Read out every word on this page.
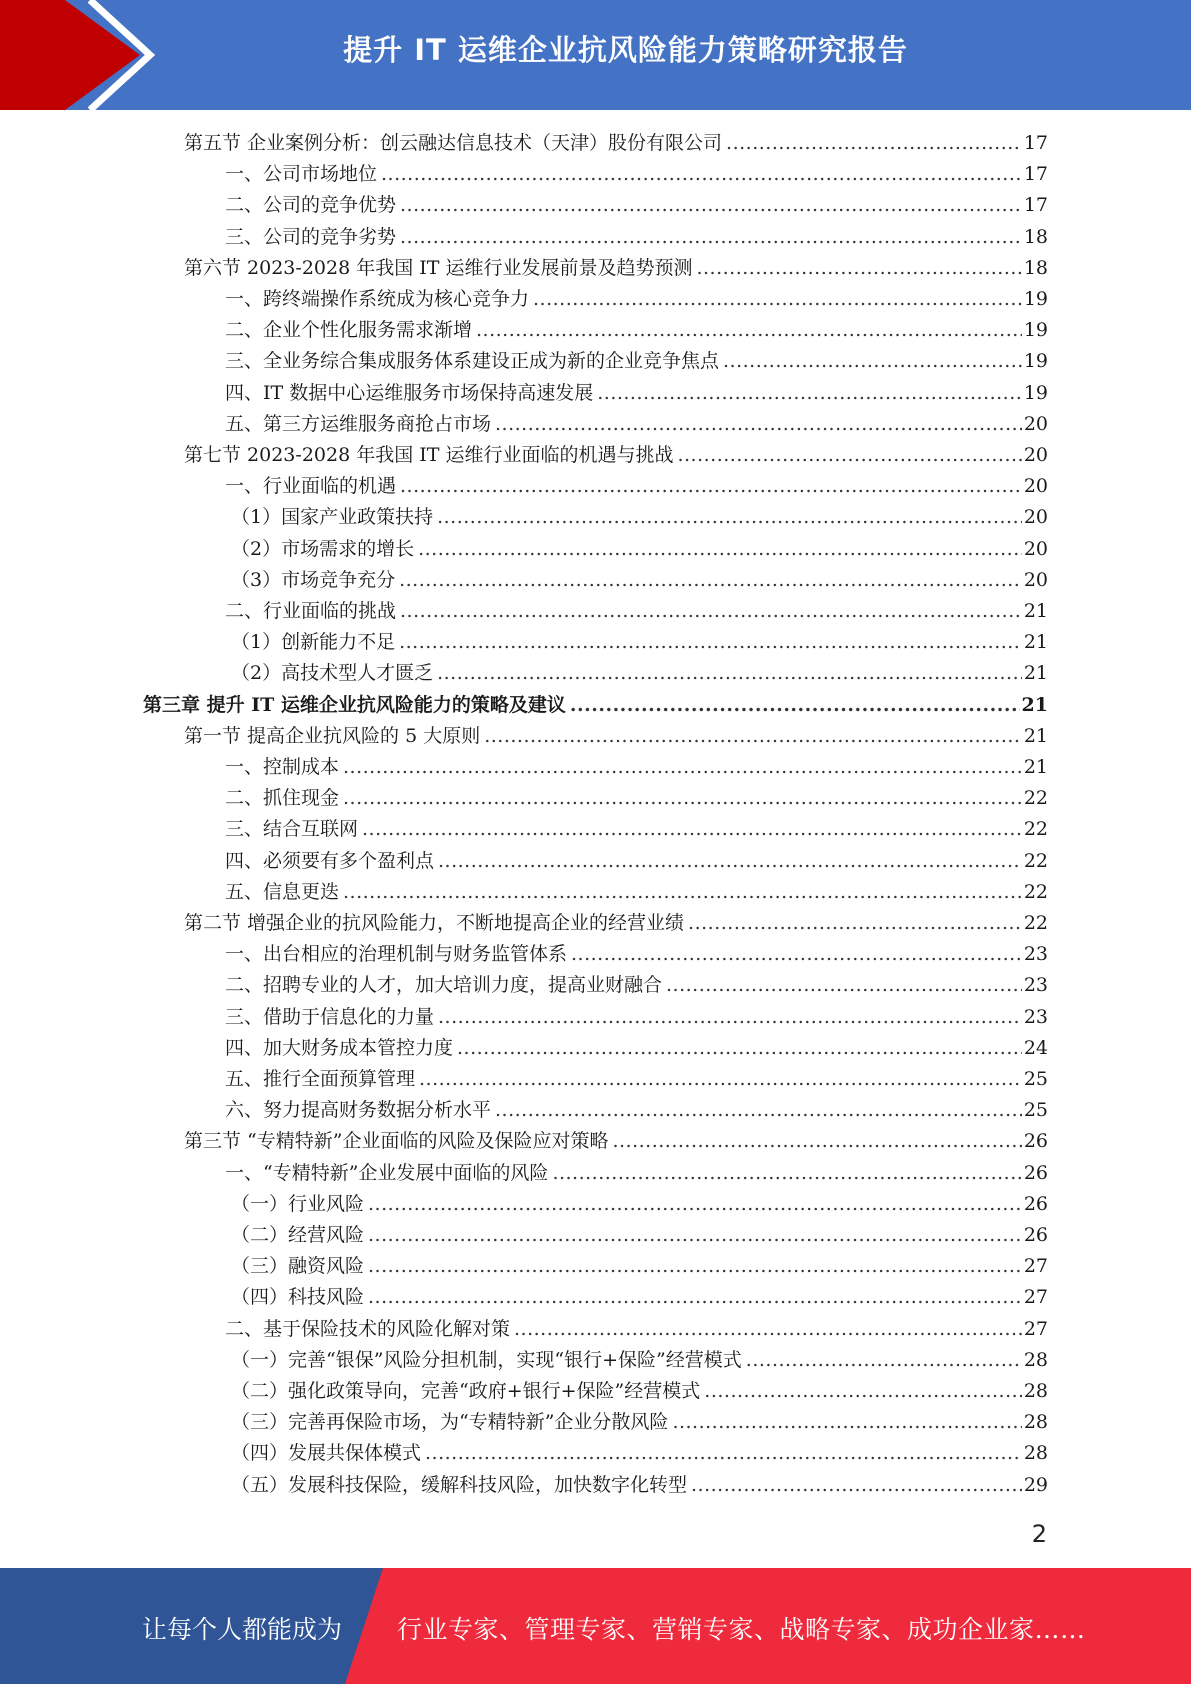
提升 IT 运维企业抗风险能力策略研究报告
第五节 企业案例分析：创云融达信息技术（天津）股份有限公司 .....	17
一、公司市场地位 .....	17
二、公司的竞争优势 .....	17
三、公司的竞争劣势 .....	18
第六节 2023-2028 年我国 IT 运维行业发展前景及趋势预测 .....	18
一、跨终端操作系统成为核心竞争力 .....	19
二、企业个性化服务需求渐增 .....	19
三、全业务综合集成服务体系建设正成为新的企业竞争焦点 .....	19
四、IT 数据中心运维服务市场保持高速发展 .....	19
五、第三方运维服务商抢占市场 .....	20
第七节 2023-2028 年我国 IT 运维行业面临的机遇与挑战 .....	20
一、行业面临的机遇 .....	20
（1）国家产业政策扶持 .....	20
（2）市场需求的增长 .....	20
（3）市场竞争充分 .....	20
二、行业面临的挑战 .....	21
（1）创新能力不足 .....	21
（2）高技术型人才匮乏 .....	21
第三章 提升 IT 运维企业抗风险能力的策略及建议 .....	21
第一节 提高企业抗风险的 5 大原则 .....	21
一、控制成本 .....	21
二、抓住现金 .....	22
三、结合互联网 .....	22
四、必须要有多个盈利点 .....	22
五、信息更迭 .....	22
第二节 增强企业的抗风险能力，不断地提高企业的经营业绩 .....	22
一、出台相应的治理机制与财务监管体系 .....	23
二、招聘专业的人才，加大培训力度，提高业财融合 .....	23
三、借助于信息化的力量 .....	23
四、加大财务成本管控力度 .....	24
五、推行全面预算管理 .....	25
六、努力提高财务数据分析水平 .....	25
第三节 “专精特新”企业面临的风险及保险应对策略 .....	26
一、“专精特新”企业发展中面临的风险 .....	26
（一）行业风险 .....	26
（二）经营风险 .....	26
（三）融资风险 .....	27
（四）科技风险 .....	27
二、基于保险技术的风险化解对策 .....	27
（一）完善“银保”风险分担机制，实现“银行+保险”经营模式 .....	28
（二）强化政策导向，完善“政府+银行+保险”经营模式 .....	28
（三）完善再保险市场，为“专精特新”企业分散风险 .....	28
（四）发展共保体模式 .....	28
（五）发展科技保险，缓解科技风险，加快数字化转型 .....	29
2
让每个人都能成为 行业专家、管理专家、营销专家、战略专家、成功企业家……
